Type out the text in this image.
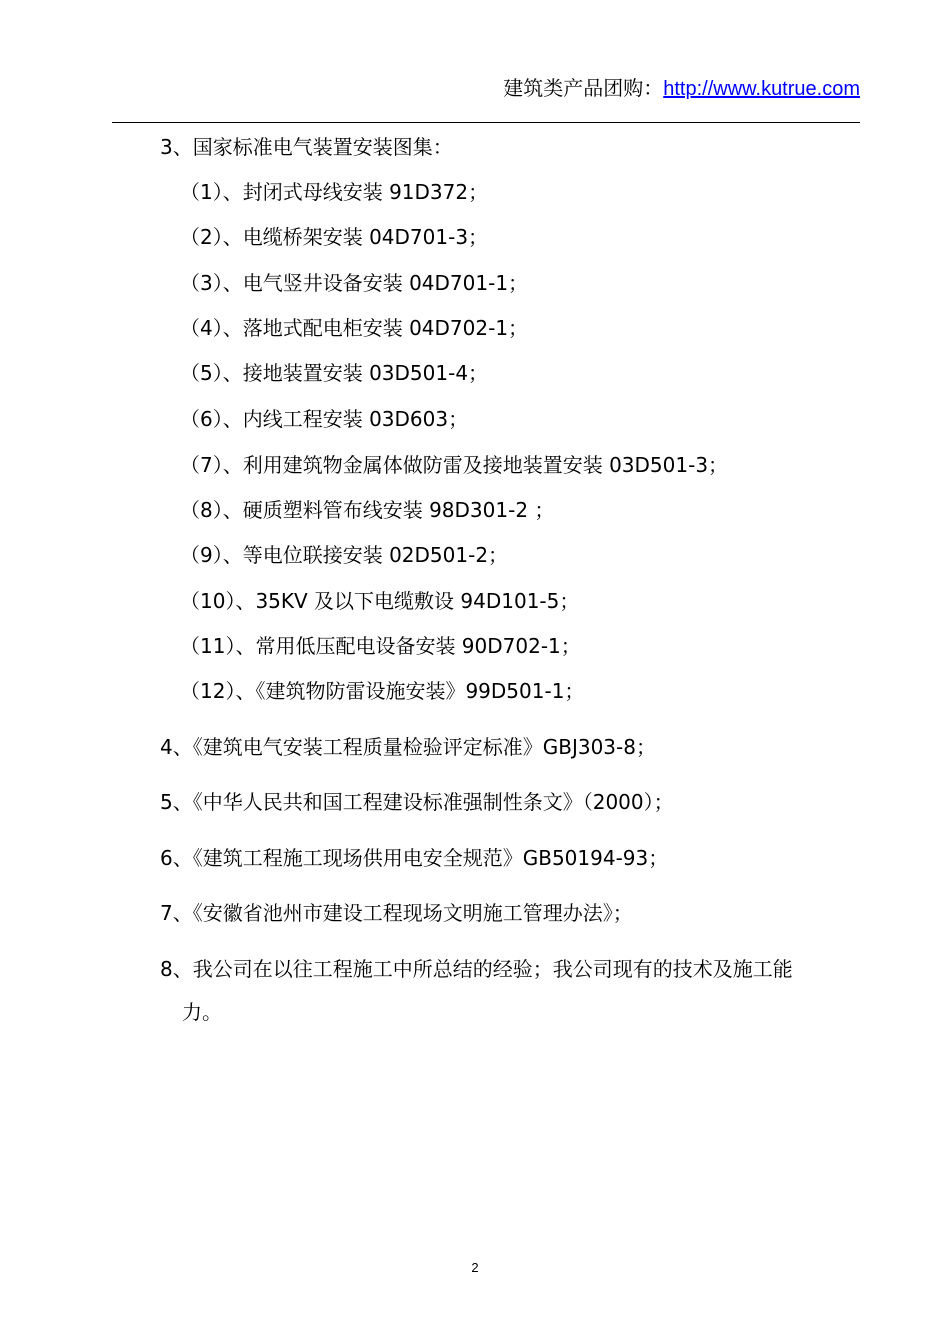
建筑类产品团购：http://www.kutrue.com
3、国家标准电气装置安装图集：
（1）、封闭式母线安装 91D372；
（2）、电缆桥架安装 04D701-3；
（3）、电气竖井设备安装 04D701-1；
（4）、落地式配电柜安装 04D702-1；
（5）、接地装置安装 03D501-4；
（6）、内线工程安装 03D603；
（7）、利用建筑物金属体做防雷及接地装置安装 03D501-3；
（8）、硬质塑料管布线安装 98D301-2 ；
（9）、等电位联接安装 02D501-2；
（10）、35KV 及以下电缆敷设 94D101-5；
（11）、常用低压配电设备安装 90D702-1；
（12）、《建筑物防雷设施安装》99D501-1；
4、《建筑电气安装工程质量检验评定标准》GBJ303-8；
5、《中华人民共和国工程建设标准强制性条文》（2000）；
6、《建筑工程施工现场供用电安全规范》GB50194-93；
7、《安徽省池州市建设工程现场文明施工管理办法》；
8、我公司在以往工程施工中所总结的经验；我公司现有的技术及施工能
力。
2
